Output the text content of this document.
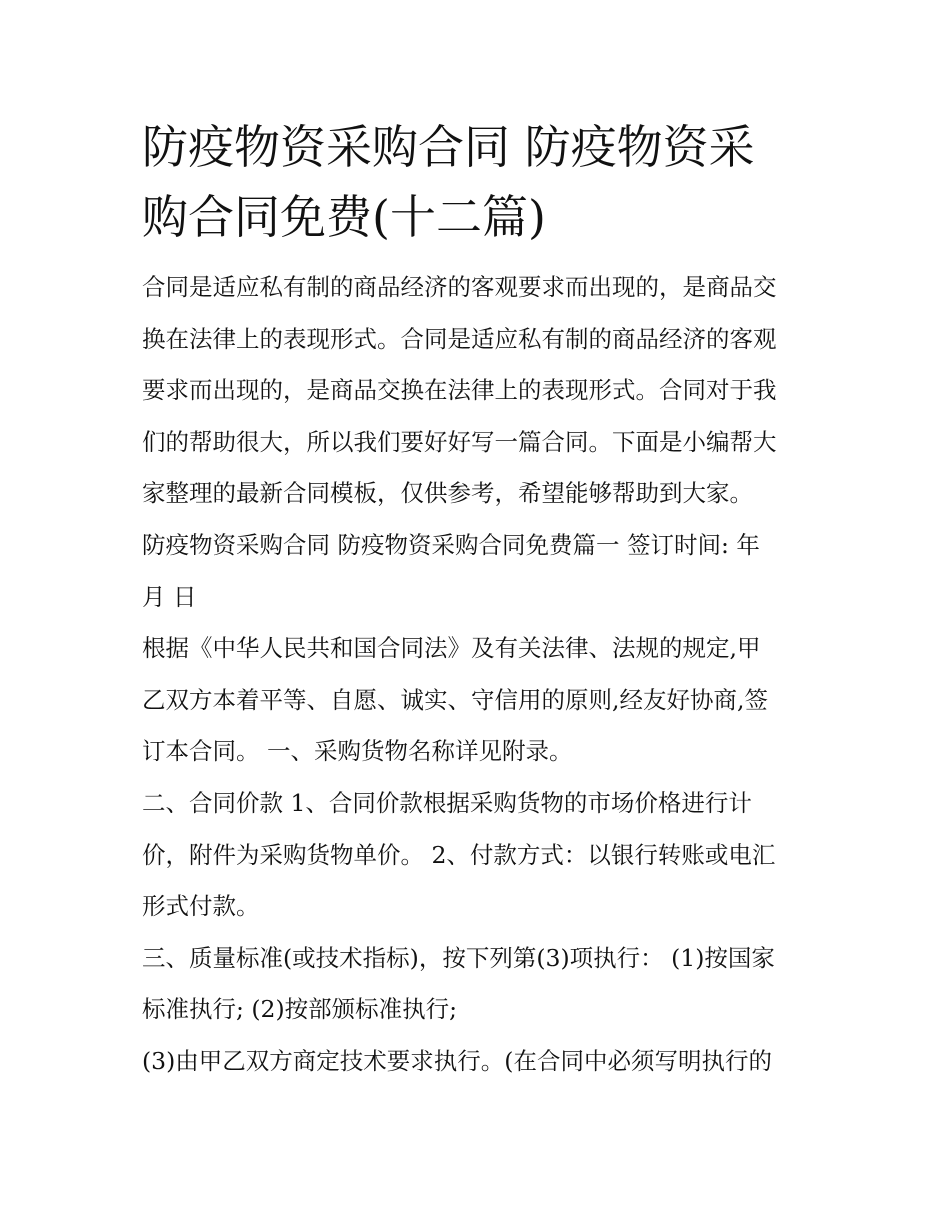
防疫物资采购合同 防疫物资采
购合同免费(十二篇)
合同是适应私有制的商品经济的客观要求而出现的，是商品交
换在法律上的表现形式。合同是适应私有制的商品经济的客观
要求而出现的，是商品交换在法律上的表现形式。合同对于我
们的帮助很大，所以我们要好好写一篇合同。下面是小编帮大
家整理的最新合同模板，仅供参考，希望能够帮助到大家。
防疫物资采购合同 防疫物资采购合同免费篇一 签订时间: 年
月 日
根据《中华人民共和国合同法》及有关法律、法规的规定,甲
乙双方本着平等、自愿、诚实、守信用的原则,经友好协商,签
订本合同。 一、采购货物名称详见附录。
二、合同价款 1、合同价款根据采购货物的市场价格进行计
价，附件为采购货物单价。 2、付款方式：以银行转账或电汇
形式付款。
三、质量标准(或技术指标)，按下列第(3)项执行： (1)按国家
标准执行; (2)按部颁标准执行;
(3)由甲乙双方商定技术要求执行。(在合同中必须写明执行的
